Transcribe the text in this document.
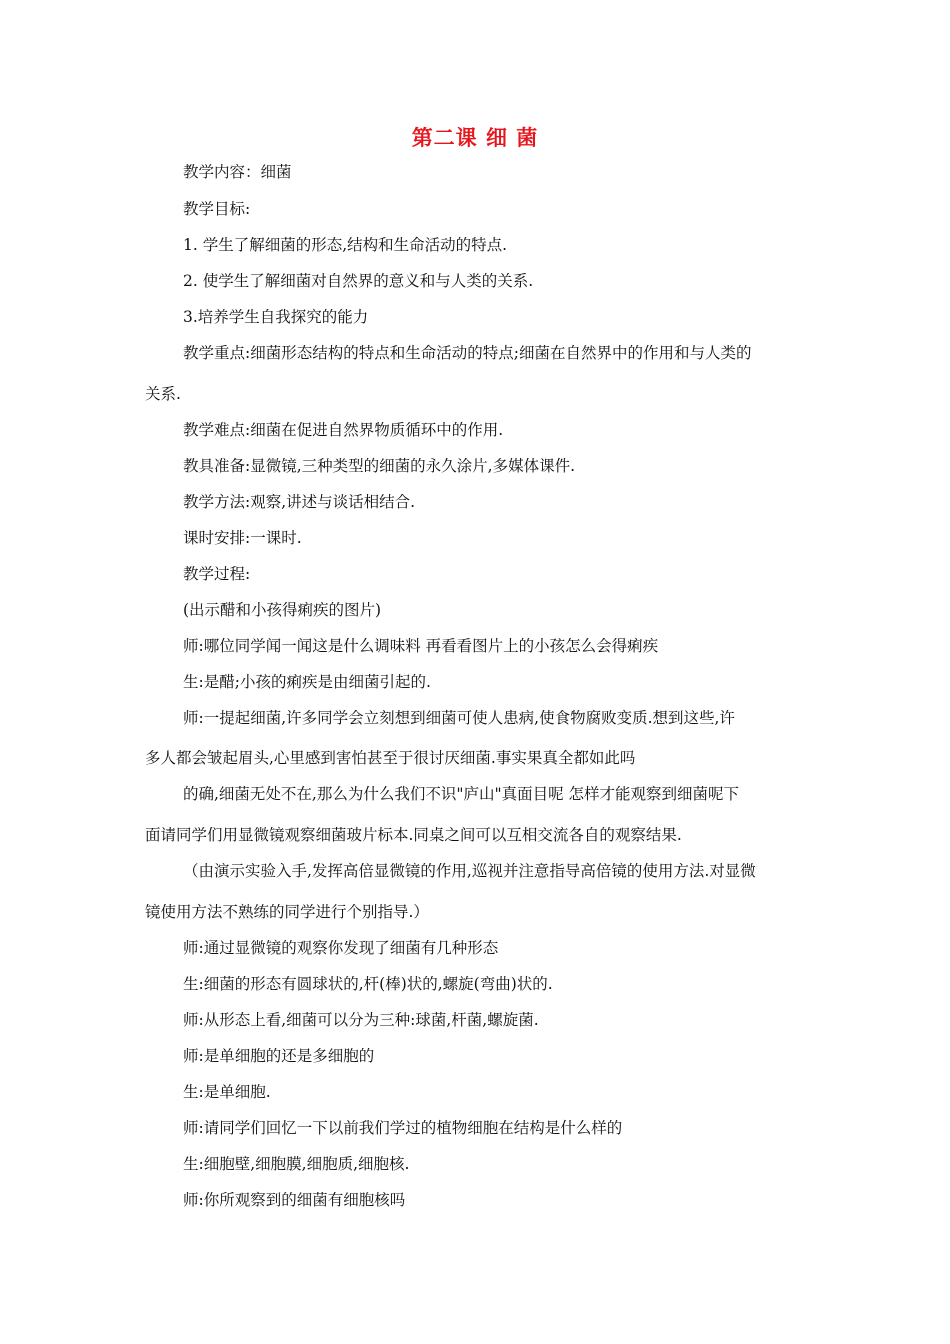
第二课 细 菌
教学内容：细菌
教学目标:
1. 学生了解细菌的形态,结构和生命活动的特点.
2. 使学生了解细菌对自然界的意义和与人类的关系.
3.培养学生自我探究的能力
教学重点:细菌形态结构的特点和生命活动的特点;细菌在自然界中的作用和与人类的
关系.
教学难点:细菌在促进自然界物质循环中的作用.
教具准备:显微镜,三种类型的细菌的永久涂片,多媒体课件.
教学方法:观察,讲述与谈话相结合.
课时安排:一课时.
教学过程:
(出示醋和小孩得痢疾的图片)
师:哪位同学闻一闻这是什么调味料 再看看图片上的小孩怎么会得痢疾
生:是醋;小孩的痢疾是由细菌引起的.
师:一提起细菌,许多同学会立刻想到细菌可使人患病,使食物腐败变质.想到这些,许
多人都会皱起眉头,心里感到害怕甚至于很讨厌细菌.事实果真全都如此吗
的确,细菌无处不在,那么为什么我们不识"庐山"真面目呢 怎样才能观察到细菌呢下
面请同学们用显微镜观察细菌玻片标本.同桌之间可以互相交流各自的观察结果.
（由演示实验入手,发挥高倍显微镜的作用,巡视并注意指导高倍镜的使用方法.对显微
镜使用方法不熟练的同学进行个别指导.）
师:通过显微镜的观察你发现了细菌有几种形态
生:细菌的形态有圆球状的,杆(棒)状的,螺旋(弯曲)状的.
师:从形态上看,细菌可以分为三种:球菌,杆菌,螺旋菌.
师:是单细胞的还是多细胞的
生:是单细胞.
师:请同学们回忆一下以前我们学过的植物细胞在结构是什么样的
生:细胞壁,细胞膜,细胞质,细胞核.
师:你所观察到的细菌有细胞核吗
